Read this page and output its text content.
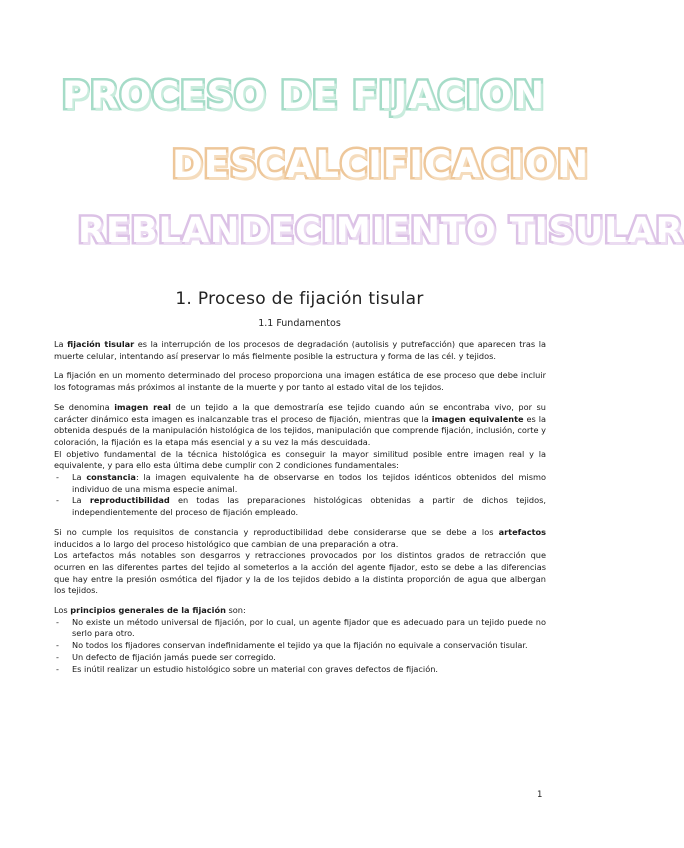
PROCESO DE FIJACION
DESCALCIFICACION
REBLANDECIMIENTO TISULAR
1. Proceso de fijación tisular
1.1 Fundamentos

La fijación tisular es la interrupción de los procesos de degradación (autolisis y putrefacción) que aparecen tras la muerte celular, intentando así preservar lo más fielmente posible la estructura y forma de las cél. y tejidos.

La fijación en un momento determinado del proceso proporciona una imagen estática de ese proceso que debe incluir los fotogramas más próximos al instante de la muerte y por tanto al estado vital de los tejidos.

Se denomina imagen real de un tejido a la que demostraría ese tejido cuando aún se encontraba vivo, por su carácter dinámico esta imagen es inalcanzable tras el proceso de fijación, mientras que la imagen equivalente es la obtenida después de la manipulación histológica de los tejidos, manipulación que comprende fijación, inclusión, corte y coloración, la fijación es la etapa más esencial y a su vez la más descuidada.

El objetivo fundamental de la técnica histológica es conseguir la mayor similitud posible entre imagen real y la equivalente, y para ello esta última debe cumplir con 2 condiciones fundamentales:

- La constancia: la imagen equivalente ha de observarse en todos los tejidos idénticos obtenidos del mismo individuo de una misma especie animal.
- La reproductibilidad en todas las preparaciones histológicas obtenidas a partir de dichos tejidos, independientemente del proceso de fijación empleado.

Si no cumple los requisitos de constancia y reproductibilidad debe considerarse que se debe a los artefactos inducidos a lo largo del proceso histológico que cambian de una preparación a otra.

Los artefactos más notables son desgarros y retracciones provocados por los distintos grados de retracción que ocurren en las diferentes partes del tejido al someterlos a la acción del agente fijador, esto se debe a las diferencias que hay entre la presión osmótica del fijador y la de los tejidos debido a la distinta proporción de agua que albergan los tejidos.

Los principios generales de la fijación son:

- No existe un método universal de fijación, por lo cual, un agente fijador que es adecuado para un tejido puede no serlo para otro.
- No todos los fijadores conservan indefinidamente el tejido ya que la fijación no equivale a conservación tisular.
- Un defecto de fijación jamás puede ser corregido.
- Es inútil realizar un estudio histológico sobre un material con graves defectos de fijación.
1
